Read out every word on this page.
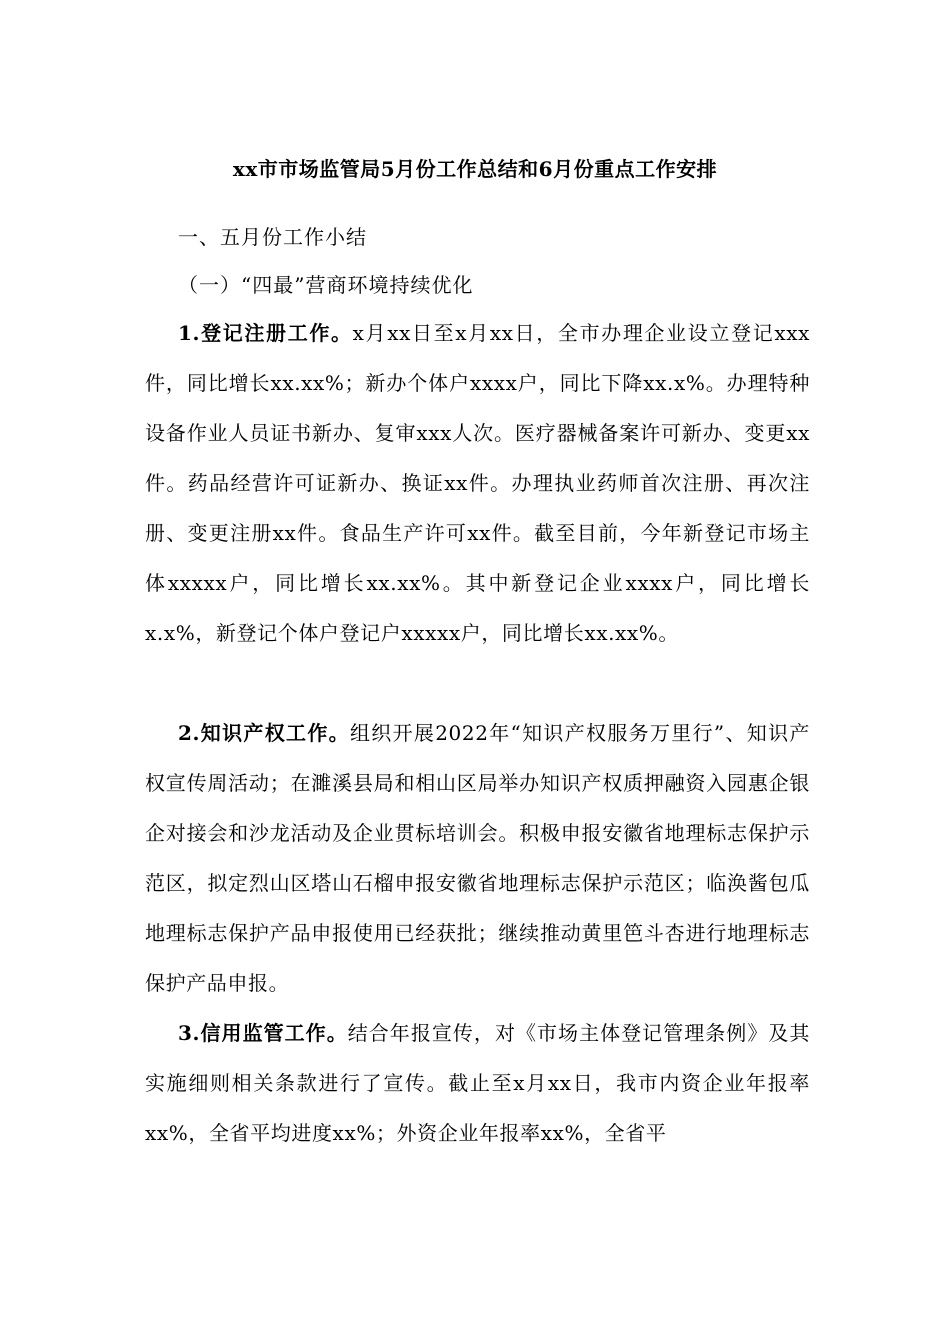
xx市市场监管局5月份工作总结和6月份重点工作安排
一、五月份工作小结
（一）“四最”营商环境持续优化

1.登记注册工作。x月xx日至x月xx日，全市办理企业设立登记xxx件，同比增长xx.xx%；新办个体户xxxx户，同比下降xx.x%。办理特种设备作业人员证书新办、复审xxx人次。医疗器械备案许可新办、变更xx件。药品经营许可证新办、换证xx件。办理执业药师首次注册、再次注册、变更注册xx件。食品生产许可xx件。截至目前，今年新登记市场主体xxxxx户，同比增长xx.xx%。其中新登记企业xxxx户，同比增长x.x%，新登记个体户登记户xxxxx户，同比增长xx.xx%。

2.知识产权工作。组织开展2022年“知识产权服务万里行”、知识产权宣传周活动；在濉溪县局和相山区局举办知识产权质押融资入园惠企银企对接会和沙龙活动及企业贯标培训会。积极申报安徽省地理标志保护示范区，拟定烈山区塔山石榴申报安徽省地理标志保护示范区；临涣酱包瓜地理标志保护产品申报使用已经获批；继续推动黄里笆斗杏进行地理标志保护产品申报。

3.信用监管工作。结合年报宣传，对《市场主体登记管理条例》及其实施细则相关条款进行了宣传。截止至x月xx日，我市内资企业年报率xx%，全省平均进度xx%；外资企业年报率xx%，全省平
